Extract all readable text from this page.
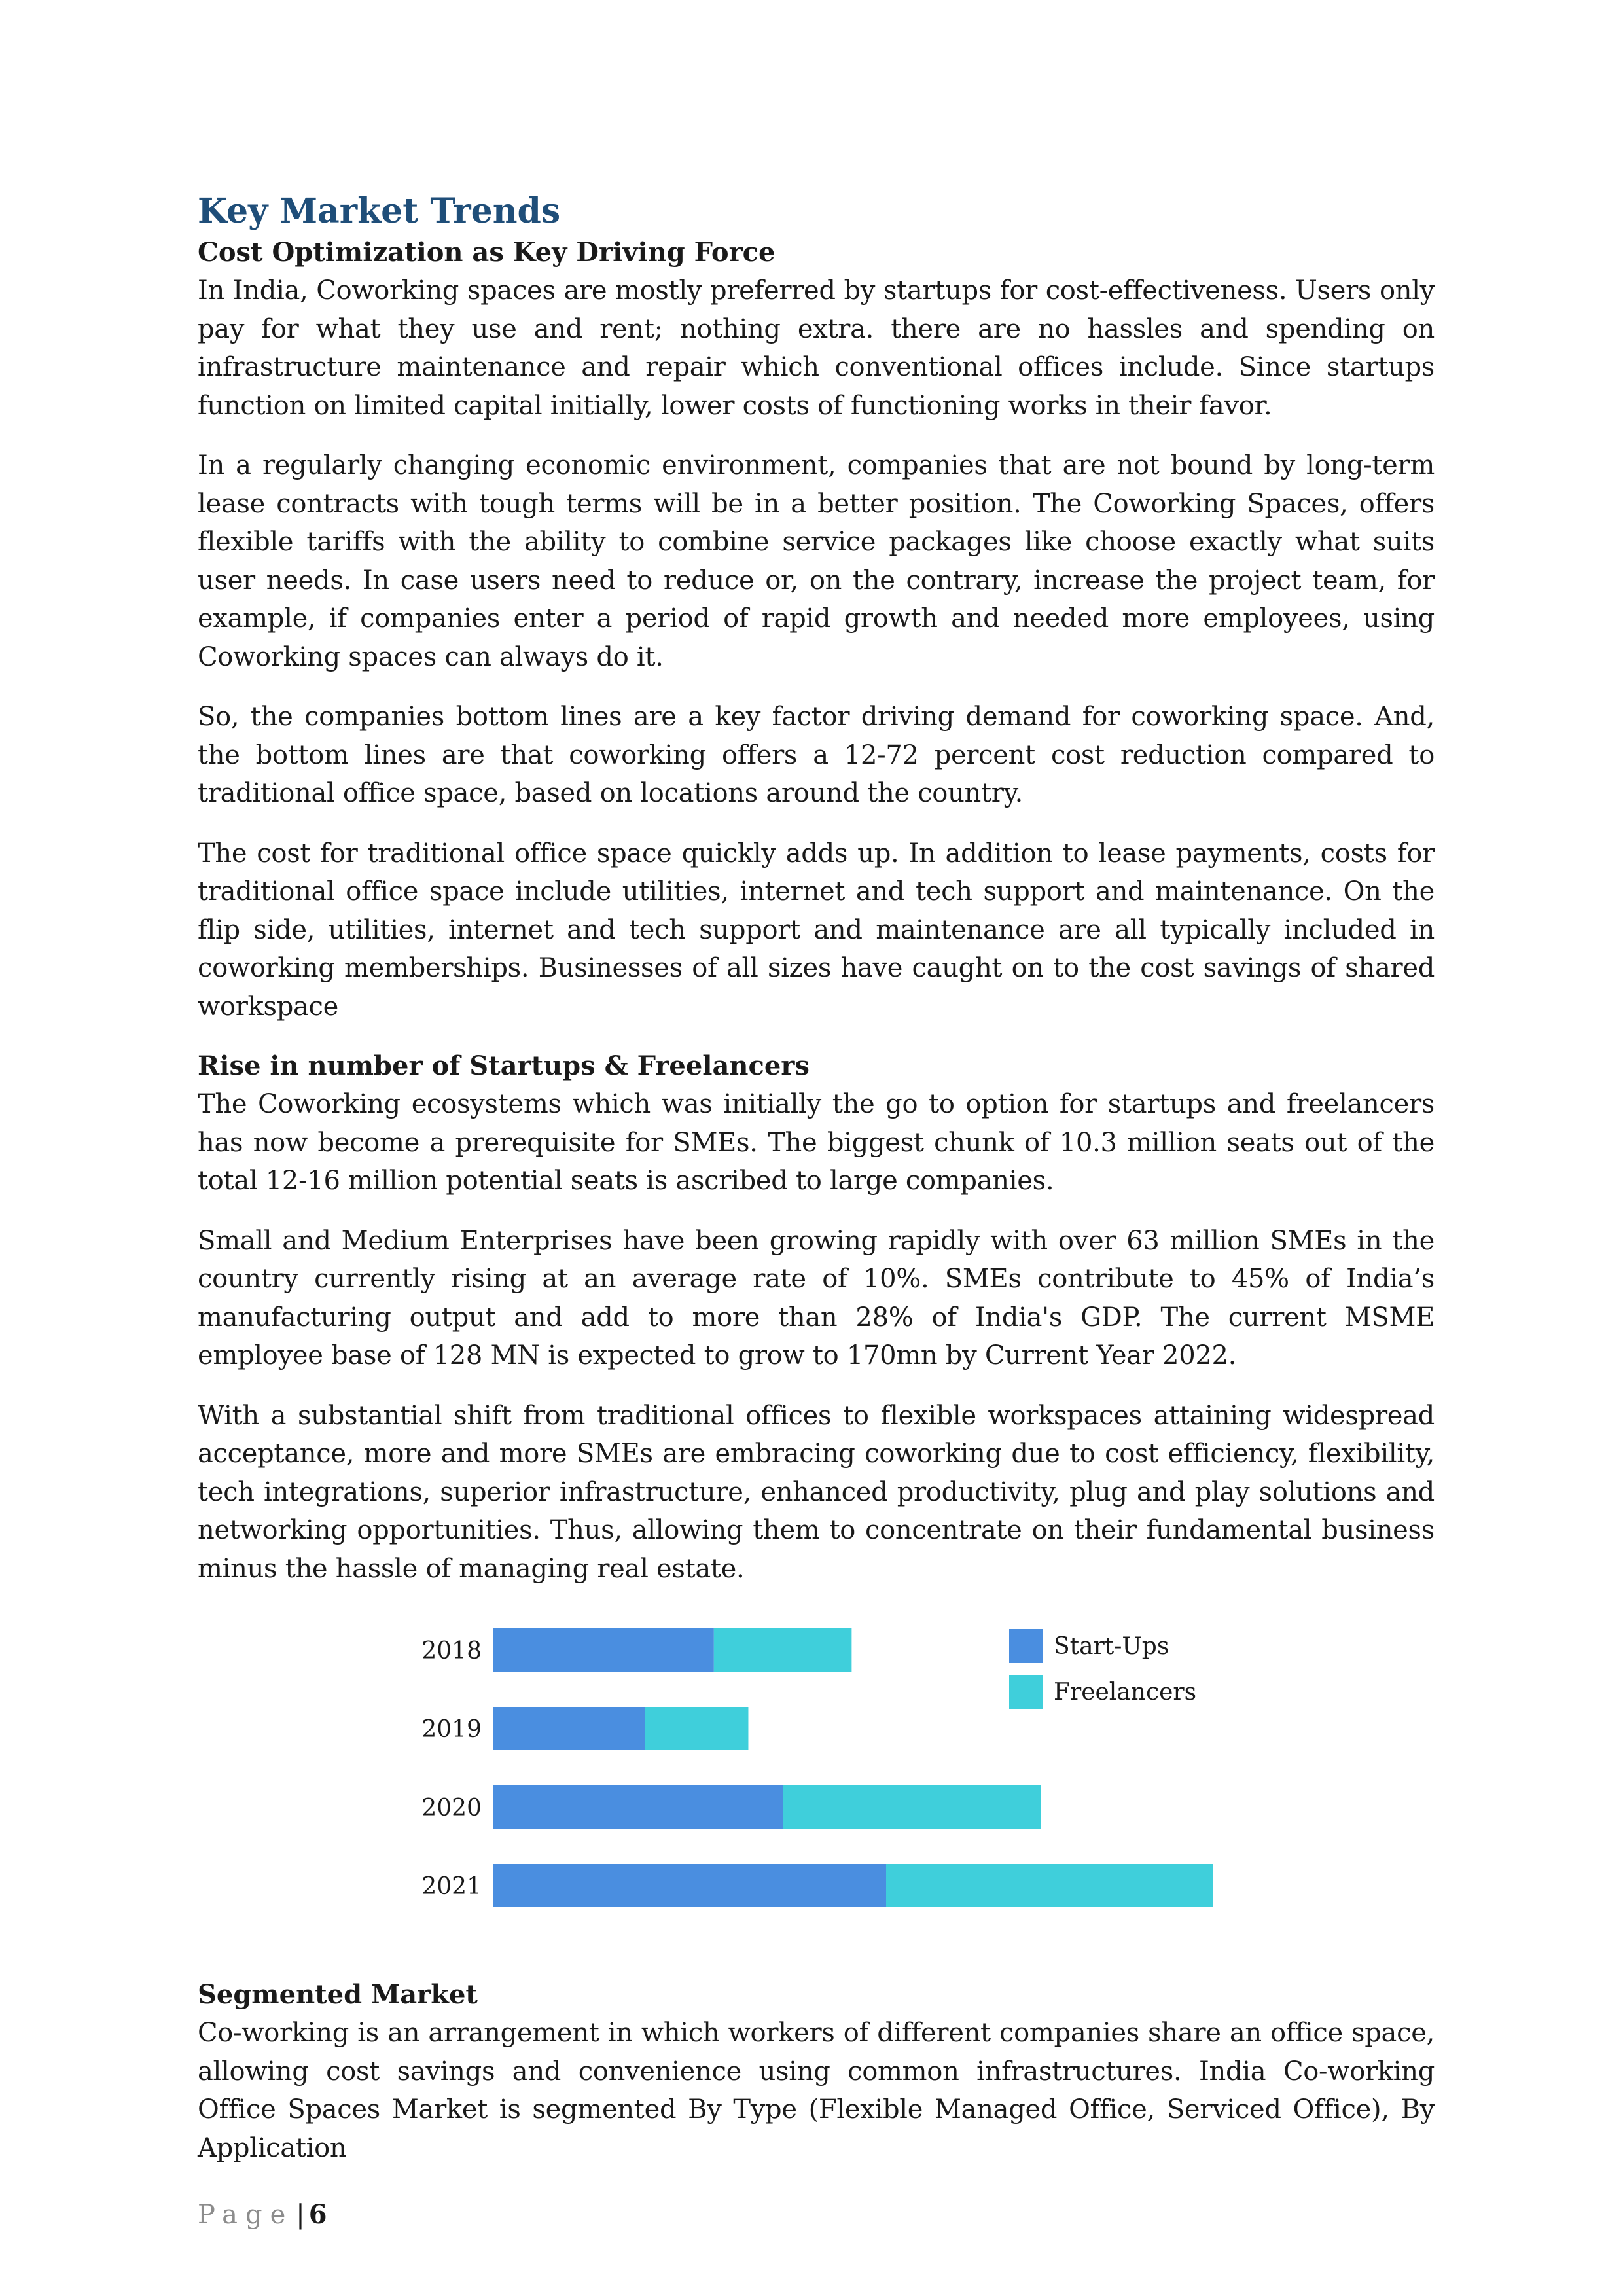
Key Market Trends
Cost Optimization as Key Driving Force

In India, Coworking spaces are mostly preferred by startups for cost-effectiveness. Users only pay for what they use and rent; nothing extra. there are no hassles and spending on infrastructure maintenance and repair which conventional offices include. Since startups function on limited capital initially, lower costs of functioning works in their favor.

In a regularly changing economic environment, companies that are not bound by long-term lease contracts with tough terms will be in a better position. The Coworking Spaces, offers flexible tariffs with the ability to combine service packages like choose exactly what suits user needs. In case users need to reduce or, on the contrary, increase the project team, for example, if companies enter a period of rapid growth and needed more employees, using Coworking spaces can always do it.

So, the companies bottom lines are a key factor driving demand for coworking space. And, the bottom lines are that coworking offers a 12-72 percent cost reduction compared to traditional office space, based on locations around the country.

The cost for traditional office space quickly adds up. In addition to lease payments, costs for traditional office space include utilities, internet and tech support and maintenance. On the flip side, utilities, internet and tech support and maintenance are all typically included in coworking memberships. Businesses of all sizes have caught on to the cost savings of shared workspace

Rise in number of Startups & Freelancers

The Coworking ecosystems which was initially the go to option for startups and freelancers has now become a prerequisite for SMEs. The biggest chunk of 10.3 million seats out of the total 12-16 million potential seats is ascribed to large companies.

Small and Medium Enterprises have been growing rapidly with over 63 million SMEs in the country currently rising at an average rate of 10%. SMEs contribute to 45% of India’s manufacturing output and add to more than 28% of India's GDP. The current MSME employee base of 128 MN is expected to grow to 170mn by Current Year 2022.

With a substantial shift from traditional offices to flexible workspaces attaining widespread acceptance, more and more SMEs are embracing coworking due to cost efficiency, flexibility, tech integrations, superior infrastructure, enhanced productivity, plug and play solutions and networking opportunities. Thus, allowing them to concentrate on their fundamental business minus the hassle of managing real estate.

2018
2019
2020
2021
Start-Ups
Freelancers
Segmented Market

Co-working is an arrangement in which workers of different companies share an office space, allowing cost savings and convenience using common infrastructures. India Co-working Office Spaces Market is segmented By Type (Flexible Managed Office, Serviced Office), By Application

Page | 6
